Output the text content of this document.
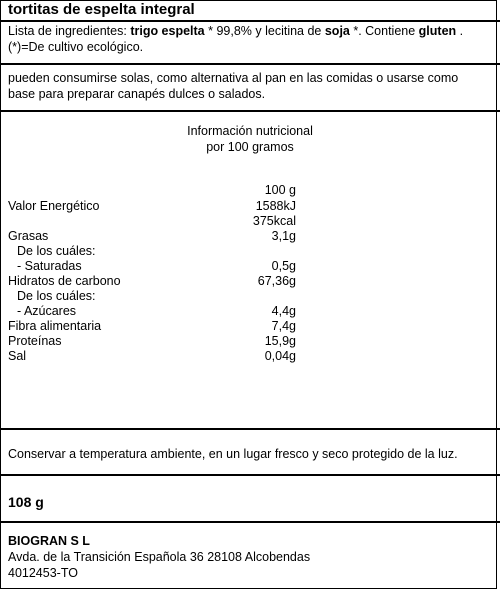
tortitas de espelta integral
Lista de ingredientes: trigo espelta * 99,8% y lecitina de soja *. Contiene gluten .
(*)=De cultivo ecológico.
pueden consumirse solas, como alternativa al pan en las comidas o usarse como
base para preparar canapés dulces o salados.
Información nutricional
por 100 gramos
100 g
Valor Energético	1588kJ
375kcal
Grasas	3,1g
De los cuáles:
- Saturadas	0,5g
Hidratos de carbono	67,36g
De los cuáles:
- Azúcares	4,4g
Fibra alimentaria	7,4g
Proteínas	15,9g
Sal	0,04g
Conservar a temperatura ambiente, en un lugar fresco y seco protegido de la luz.
108 g
BIOGRAN S L
Avda. de la Transición Española 36 28108 Alcobendas
4012453-TO
